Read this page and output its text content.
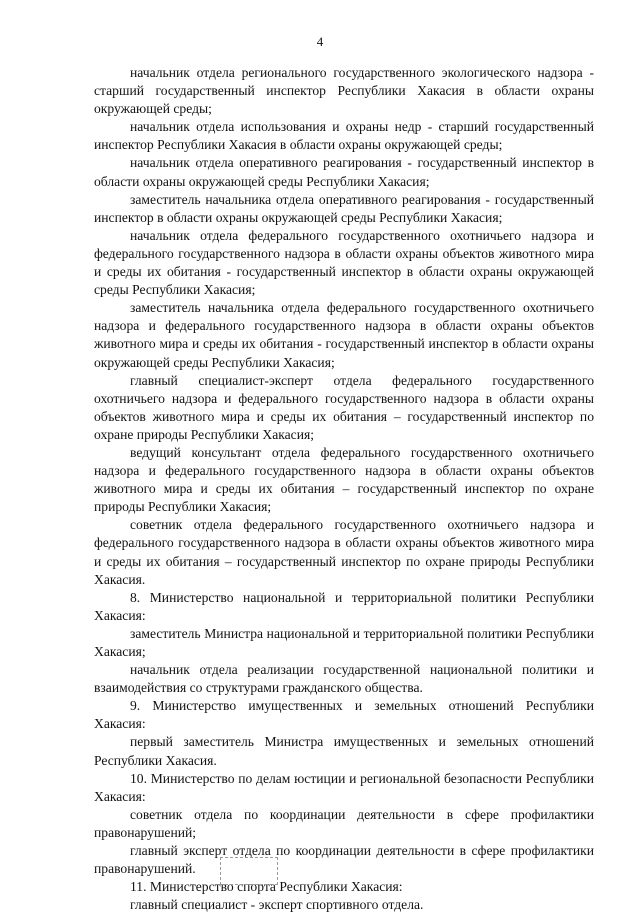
4

начальник отдела регионального государственного экологического надзора - старший государственный инспектор Республики Хакасия в области охраны окружающей среды;

начальник отдела использования и охраны недр - старший государственный инспектор Республики Хакасия в области охраны окружающей среды;

начальник отдела оперативного реагирования - государственный инспектор в области охраны окружающей среды Республики Хакасия;

заместитель начальника отдела оперативного реагирования - государственный инспектор в области охраны окружающей среды Республики Хакасия;

начальник отдела федерального государственного охотничьего надзора и федерального государственного надзора в области охраны объектов животного мира и среды их обитания - государственный инспектор в области охраны окружающей среды Республики Хакасия;

заместитель начальника отдела федерального государственного охотничьего надзора и федерального государственного надзора в области охраны объектов животного мира и среды их обитания - государственный инспектор в области охраны окружающей среды Республики Хакасия;

главный специалист-эксперт отдела федерального государственного охотничьего надзора и федерального государственного надзора в области охраны объектов животного мира и среды их обитания – государственный инспектор по охране природы Республики Хакасия;

ведущий консультант отдела федерального государственного охотничьего надзора и федерального государственного надзора в области охраны объектов животного мира и среды их обитания – государственный инспектор по охране природы Республики Хакасия;

советник отдела федерального государственного охотничьего надзора и федерального государственного надзора в области охраны объектов животного мира и среды их обитания – государственный инспектор по охране природы Республики Хакасия.

8. Министерство национальной и территориальной политики Республики Хакасия:

заместитель Министра национальной и территориальной политики Республики Хакасия;

начальник отдела реализации государственной национальной политики и взаимодействия со структурами гражданского общества.

9. Министерство имущественных и земельных отношений Республики Хакасия:

первый заместитель Министра имущественных и земельных отношений Республики Хакасия.

10. Министерство по делам юстиции и региональной безопасности Республики Хакасия:

советник отдела по координации деятельности в сфере профилактики правонарушений;

главный эксперт отдела по координации деятельности в сфере профилактики правонарушений.

11. Министерство спорта Республики Хакасия:

главный специалист - эксперт спортивного отдела.
